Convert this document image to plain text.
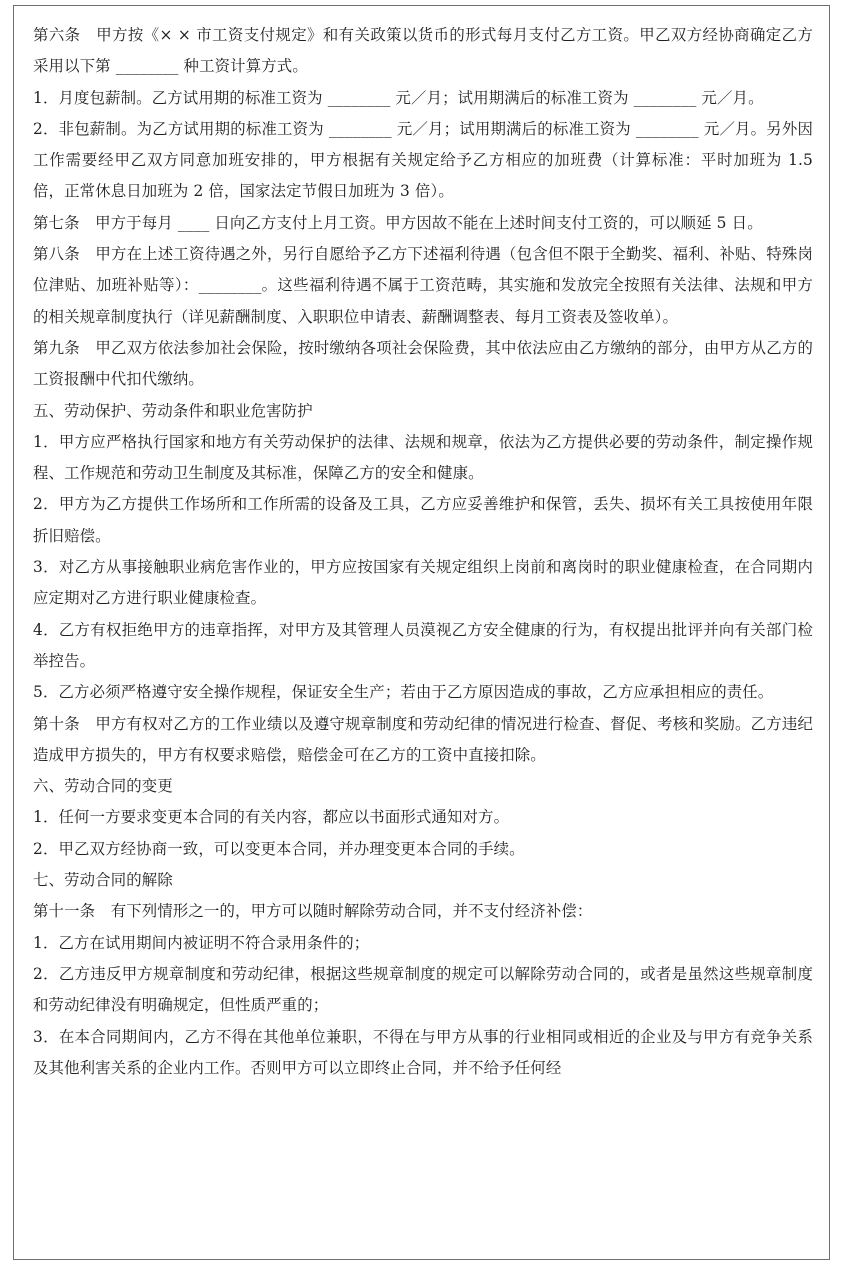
第六条　甲方按《× × 市工资支付规定》和有关政策以货币的形式每月支付乙方工资。甲乙双方经协商确定乙方采用以下第 ________ 种工资计算方式。

1．月度包薪制。乙方试用期的标准工资为 ________ 元／月；试用期满后的标准工资为 ________ 元／月。

2．非包薪制。为乙方试用期的标准工资为 ________ 元／月；试用期满后的标准工资为 ________ 元／月。另外因工作需要经甲乙双方同意加班安排的，甲方根据有关规定给予乙方相应的加班费（计算标准：平时加班为 1.5 倍，正常休息日加班为 2 倍，国家法定节假日加班为 3 倍）。

第七条　甲方于每月 ____ 日向乙方支付上月工资。甲方因故不能在上述时间支付工资的，可以顺延 5 日。

第八条　甲方在上述工资待遇之外，另行自愿给予乙方下述福利待遇（包含但不限于全勤奖、福利、补贴、特殊岗位津贴、加班补贴等）：________。这些福利待遇不属于工资范畴，其实施和发放完全按照有关法律、法规和甲方的相关规章制度执行（详见薪酬制度、入职职位申请表、薪酬调整表、每月工资表及签收单）。

第九条　甲乙双方依法参加社会保险，按时缴纳各项社会保险费，其中依法应由乙方缴纳的部分，由甲方从乙方的工资报酬中代扣代缴纳。

五、劳动保护、劳动条件和职业危害防护

1．甲方应严格执行国家和地方有关劳动保护的法律、法规和规章，依法为乙方提供必要的劳动条件，制定操作规程、工作规范和劳动卫生制度及其标准，保障乙方的安全和健康。

2．甲方为乙方提供工作场所和工作所需的设备及工具，乙方应妥善维护和保管，丢失、损坏有关工具按使用年限折旧赔偿。

3．对乙方从事接触职业病危害作业的，甲方应按国家有关规定组织上岗前和离岗时的职业健康检查，在合同期内应定期对乙方进行职业健康检查。

4．乙方有权拒绝甲方的违章指挥，对甲方及其管理人员漠视乙方安全健康的行为，有权提出批评并向有关部门检举控告。

5．乙方必须严格遵守安全操作规程，保证安全生产；若由于乙方原因造成的事故，乙方应承担相应的责任。

第十条　甲方有权对乙方的工作业绩以及遵守规章制度和劳动纪律的情况进行检查、督促、考核和奖励。乙方违纪造成甲方损失的，甲方有权要求赔偿，赔偿金可在乙方的工资中直接扣除。

六、劳动合同的变更

1．任何一方要求变更本合同的有关内容，都应以书面形式通知对方。

2．甲乙双方经协商一致，可以变更本合同，并办理变更本合同的手续。

七、劳动合同的解除

第十一条　有下列情形之一的，甲方可以随时解除劳动合同，并不支付经济补偿：

1．乙方在试用期间内被证明不符合录用条件的；

2．乙方违反甲方规章制度和劳动纪律，根据这些规章制度的规定可以解除劳动合同的，或者是虽然这些规章制度和劳动纪律没有明确规定，但性质严重的；

3．在本合同期间内，乙方不得在其他单位兼职，不得在与甲方从事的行业相同或相近的企业及与甲方有竞争关系及其他利害关系的企业内工作。否则甲方可以立即终止合同，并不给予任何经
